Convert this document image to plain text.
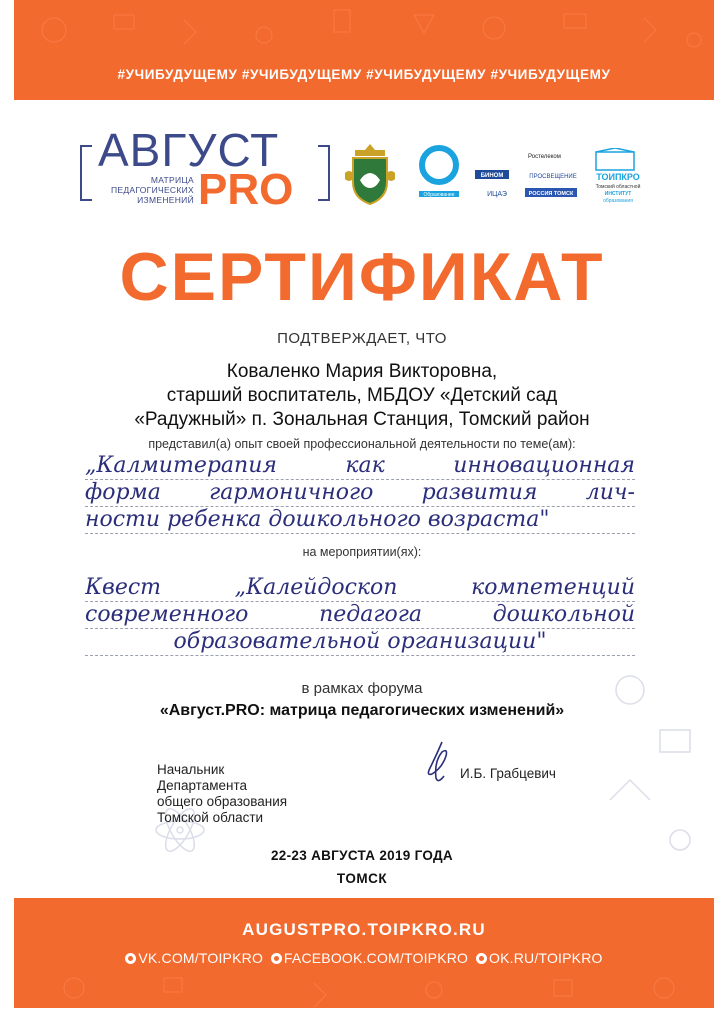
#УЧИБУДУЩЕМУ #УЧИБУДУЩЕМУ #УЧИБУДУЩЕМУ #УЧИБУДУЩЕМУ
АВГУСТ
PRO
МАТРИЦА
ПЕДАГОГИЧЕСКИХ
ИЗМЕНЕНИЙ	Образование
Ростелеком
БИНОМ	ПРОСВЕЩЕНИЕ
ИЦАЭ	РОССИЯ ТОМСК
ТОИПКРО
Томский областной
ИНСТИТУТ
образования
СЕРТИФИКАТ
ПОДТВЕРЖДАЕТ, ЧТО
Коваленко Мария Викторовна,
старший воспитатель, МБДОУ «Детский сад
«Радужный» п. Зональная Станция, Томский район
представил(а) опыт своей профессиональной деятельности по теме(ам):
„Калмитерапия как инновационная
форма гармоничного развития лич-
ности ребенка дошкольного возраста"
на мероприятии(ях):
Квест „Калейдоскоп компетенций
современного педагога дошкольной
образовательной организации"
в рамках форума
«Август.PRO: матрица педагогических изменений»
Начальник
Департамента
общего образования
Томской области
И.Б. Грабцевич
22-23 АВГУСТА 2019 ГОДА
ТОМСК
AUGUSTPRO.TOIPKRO.RU
VK.COM/TOIPKRO FACEBOOK.COM/TOIPKRO OK.RU/TOIPKRO
